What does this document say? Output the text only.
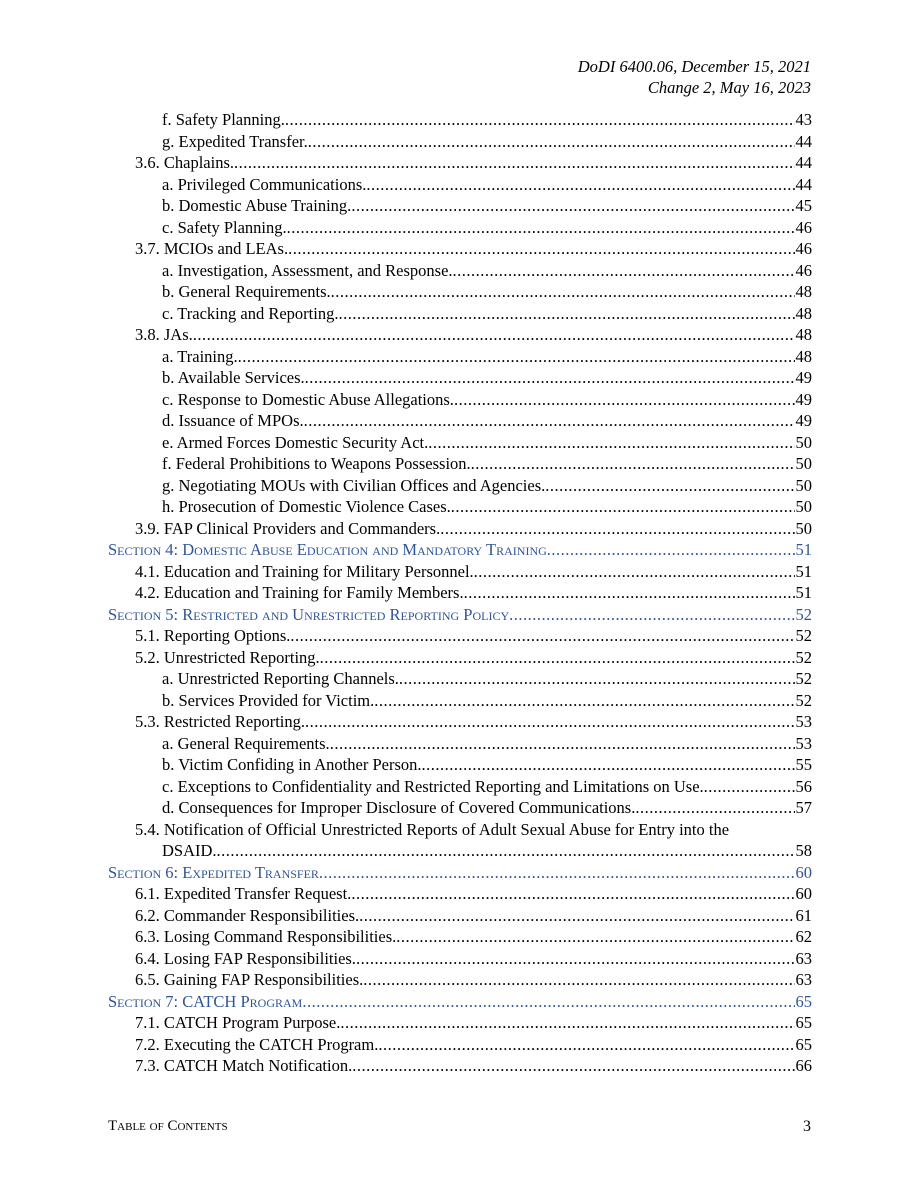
DoDI 6400.06, December 15, 2021
Change 2, May 16, 2023
f. Safety Planning. .....	43
g. Expedited Transfer. .....	44
3.6. Chaplains. .....	44
a. Privileged Communications. .....	44
b. Domestic Abuse Training. .....	45
c. Safety Planning. .....	46
3.7. MCIOs and LEAs. .....	46
a. Investigation, Assessment, and Response. .....	46
b. General Requirements. .....	48
c. Tracking and Reporting. .....	48
3.8. JAs. .....	48
a. Training. .....	48
b. Available Services. .....	49
c. Response to Domestic Abuse Allegations. .....	49
d. Issuance of MPOs. .....	49
e. Armed Forces Domestic Security Act. .....	50
f. Federal Prohibitions to Weapons Possession. .....	50
g. Negotiating MOUs with Civilian Offices and Agencies. .....	50
h. Prosecution of Domestic Violence Cases. .....	50
3.9. FAP Clinical Providers and Commanders. .....	50
Section 4: Domestic Abuse Education and Mandatory Training .....	51
4.1. Education and Training for Military Personnel. .....	51
4.2. Education and Training for Family Members. .....	51
Section 5: Restricted and Unrestricted Reporting Policy .....	52
5.1. Reporting Options. .....	52
5.2. Unrestricted Reporting. .....	52
a. Unrestricted Reporting Channels. .....	52
b. Services Provided for Victim. .....	52
5.3. Restricted Reporting. .....	53
a. General Requirements. .....	53
b. Victim Confiding in Another Person. .....	55
c. Exceptions to Confidentiality and Restricted Reporting and Limitations on Use. .....	56
d. Consequences for Improper Disclosure of Covered Communications. .....	57
5.4. Notification of Official Unrestricted Reports of Adult Sexual Abuse for Entry into the
DSAID. .....	58
Section 6: Expedited Transfer .....	60
6.1. Expedited Transfer Request. .....	60
6.2. Commander Responsibilities. .....	61
6.3. Losing Command Responsibilities. .....	62
6.4. Losing FAP Responsibilities. .....	63
6.5. Gaining FAP Responsibilities. .....	63
Section 7: CATCH Program .....	65
7.1. CATCH Program Purpose. .....	65
7.2. Executing the CATCH Program. .....	65
7.3. CATCH Match Notification. .....	66
Table of Contents	3
